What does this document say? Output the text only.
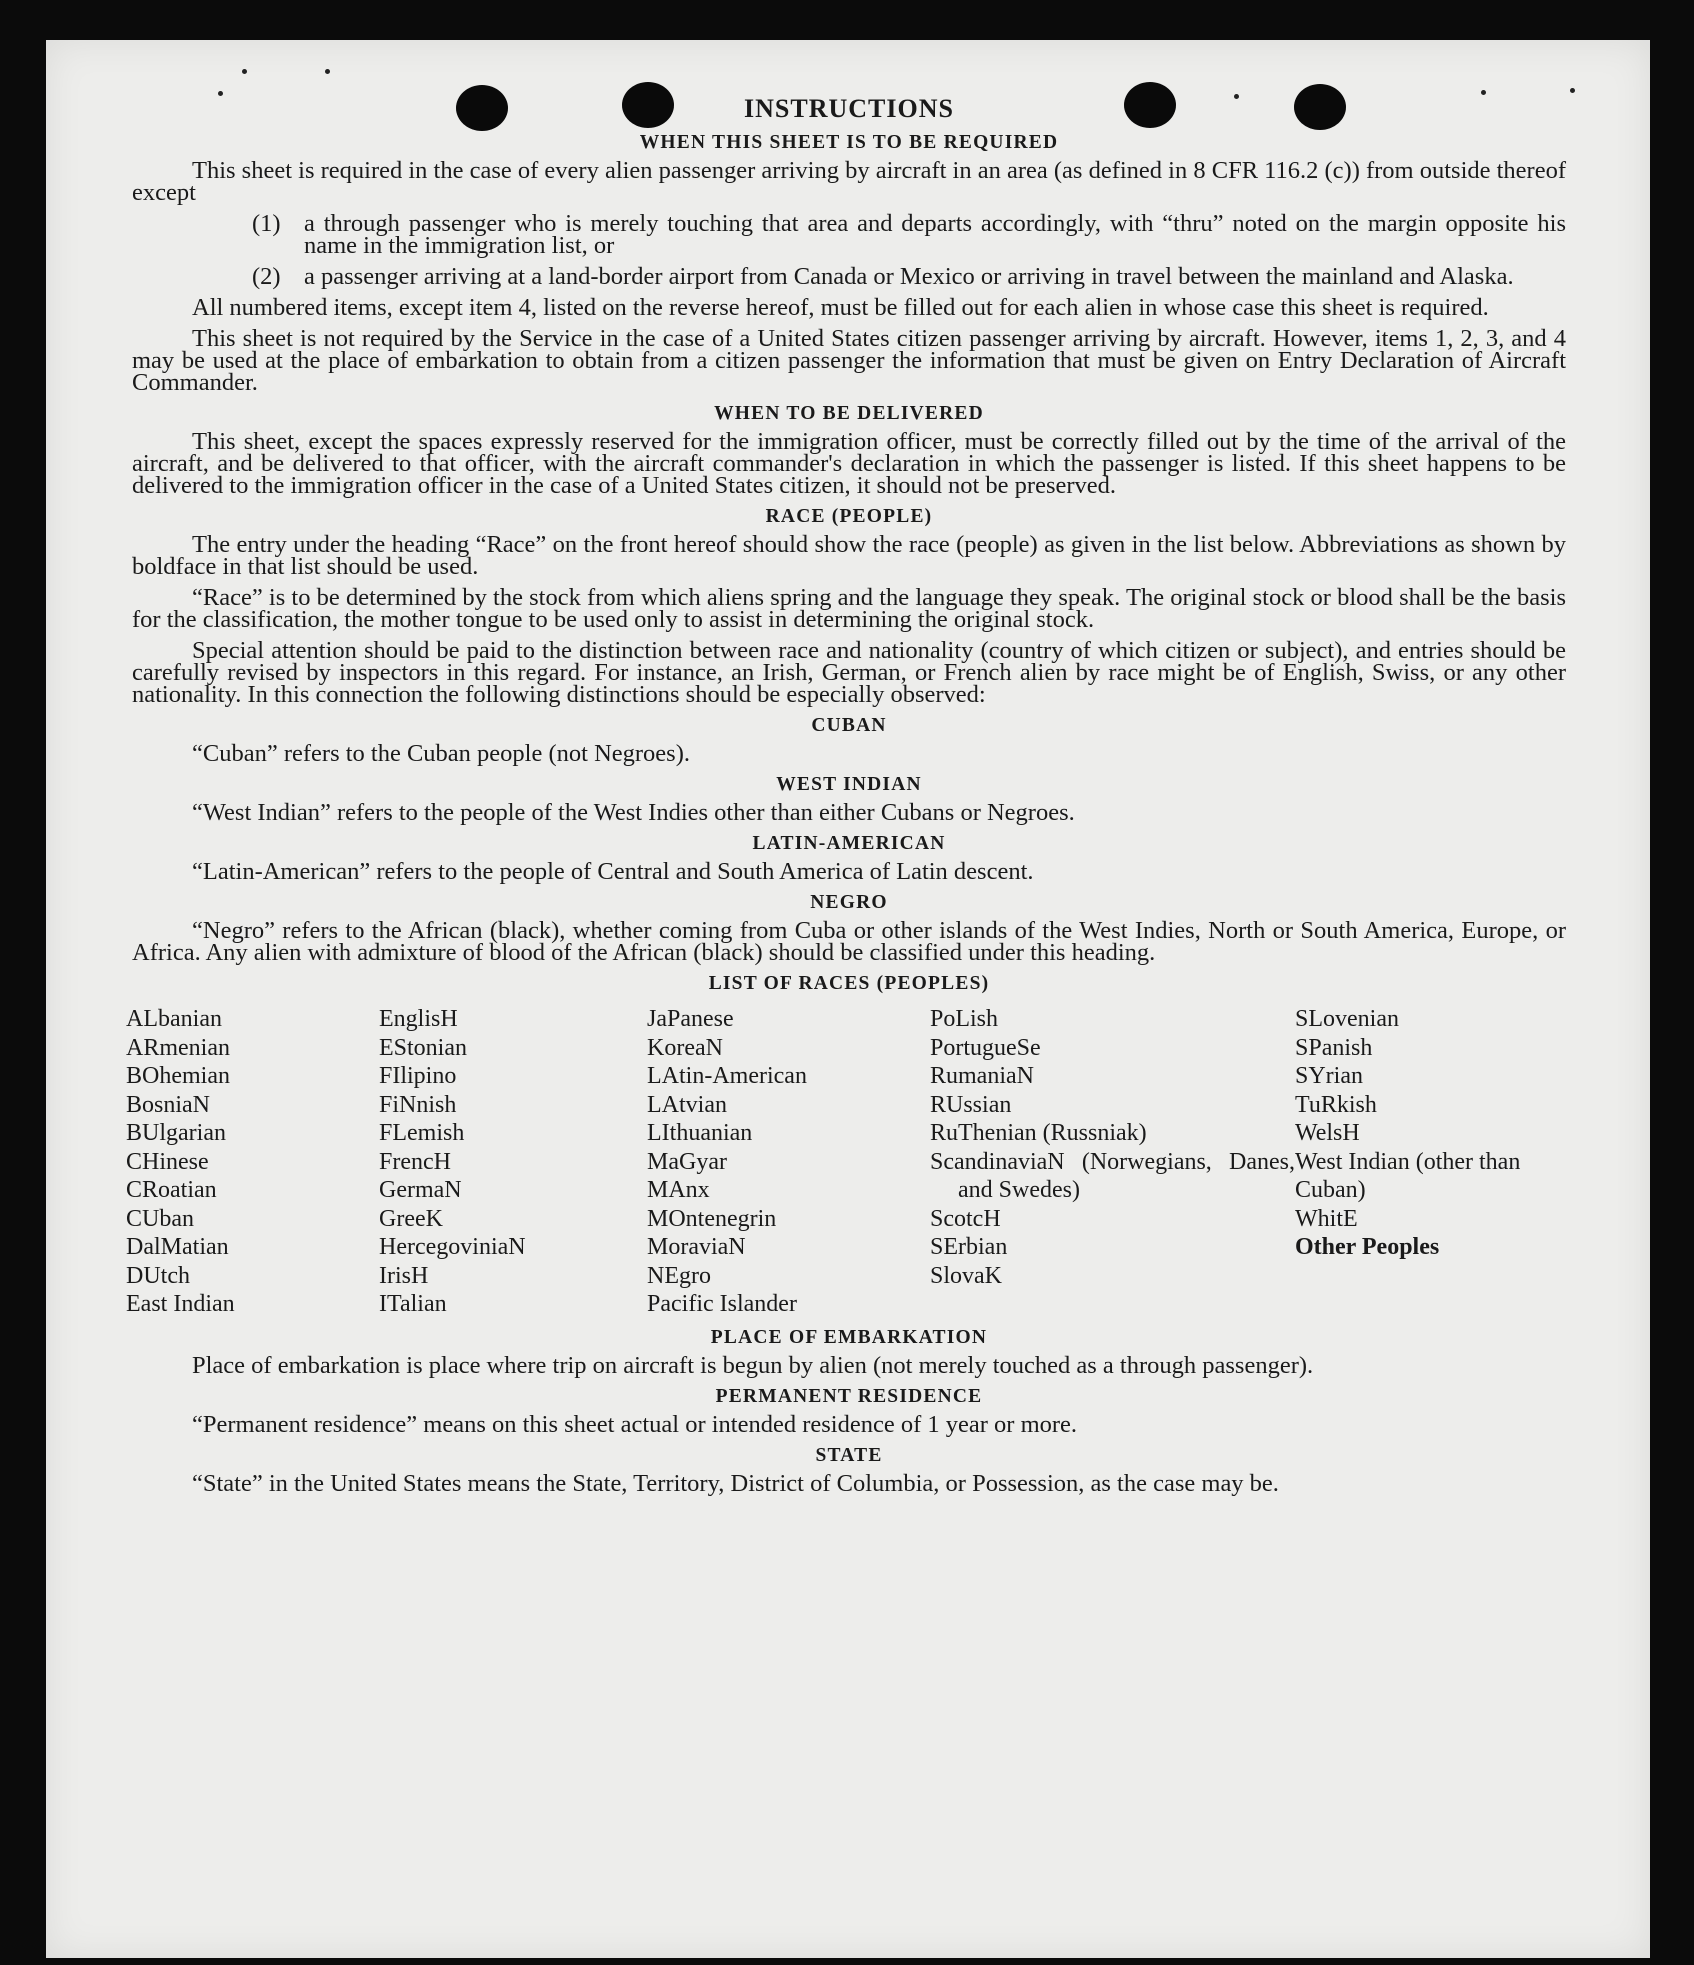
INSTRUCTIONS
WHEN THIS SHEET IS TO BE REQUIRED

This sheet is required in the case of every alien passenger arriving by aircraft in an area (as defined in 8 CFR 116.2 (c)) from outside thereof except

(1) a through passenger who is merely touching that area and departs accordingly, with “thru” noted on the margin opposite his name in the immigration list, or
(2) a passenger arriving at a land-border airport from Canada or Mexico or arriving in travel between the mainland and Alaska.

All numbered items, except item 4, listed on the reverse hereof, must be filled out for each alien in whose case this sheet is required.

This sheet is not required by the Service in the case of a United States citizen passenger arriving by aircraft. However, items 1, 2, 3, and 4 may be used at the place of embarkation to obtain from a citizen passenger the information that must be given on Entry Declaration of Aircraft Commander.

WHEN TO BE DELIVERED

This sheet, except the spaces expressly reserved for the immigration officer, must be correctly filled out by the time of the arrival of the aircraft, and be delivered to that officer, with the aircraft commander's declaration in which the passenger is listed. If this sheet happens to be delivered to the immigration officer in the case of a United States citizen, it should not be preserved.

RACE (PEOPLE)

The entry under the heading “Race” on the front hereof should show the race (people) as given in the list below. Abbreviations as shown by boldface in that list should be used.

“Race” is to be determined by the stock from which aliens spring and the language they speak. The original stock or blood shall be the basis for the classification, the mother tongue to be used only to assist in determining the original stock.

Special attention should be paid to the distinction between race and nationality (country of which citizen or subject), and entries should be carefully revised by inspectors in this regard. For instance, an Irish, German, or French alien by race might be of English, Swiss, or any other nationality. In this connection the following distinctions should be especially observed:

CUBAN

“Cuban” refers to the Cuban people (not Negroes).

WEST INDIAN

“West Indian” refers to the people of the West Indies other than either Cubans or Negroes.

LATIN-AMERICAN

“Latin-American” refers to the people of Central and South America of Latin descent.

NEGRO

“Negro” refers to the African (black), whether coming from Cuba or other islands of the West Indies, North or South America, Europe, or Africa. Any alien with admixture of blood of the African (black) should be classified under this heading.

LIST OF RACES (PEOPLES)
ALbanian
ARmenian
BOhemian
BosniaN
BUlgarian
CHinese
CRoatian
CUban
DalMatian
DUtch
East Indian
EnglisH
EStonian
FIlipino
FiNnish
FLemish
FrencH
GermaN
GreeK
HercegoviniaN
IrisH
ITalian
JaPanese
KoreaN
LAtin-American
LAtvian
LIthuanian
MaGyar
MAnx
MOntenegrin
MoraviaN
NEgro
Pacific Islander
PoLish
PortugueSe
RumaniaN
RUssian
RuThenian (Russniak)
ScandinaviaN (Norwegians, Danes, and Swedes)
ScotcH
SErbian
SlovaK
SLovenian
SPanish
SYrian
TuRkish
WelsH
West Indian (other than Cuban)
WhitE
Other Peoples
PLACE OF EMBARKATION

Place of embarkation is place where trip on aircraft is begun by alien (not merely touched as a through passenger).

PERMANENT RESIDENCE

“Permanent residence” means on this sheet actual or intended residence of 1 year or more.

STATE

“State” in the United States means the State, Territory, District of Columbia, or Possession, as the case may be.
